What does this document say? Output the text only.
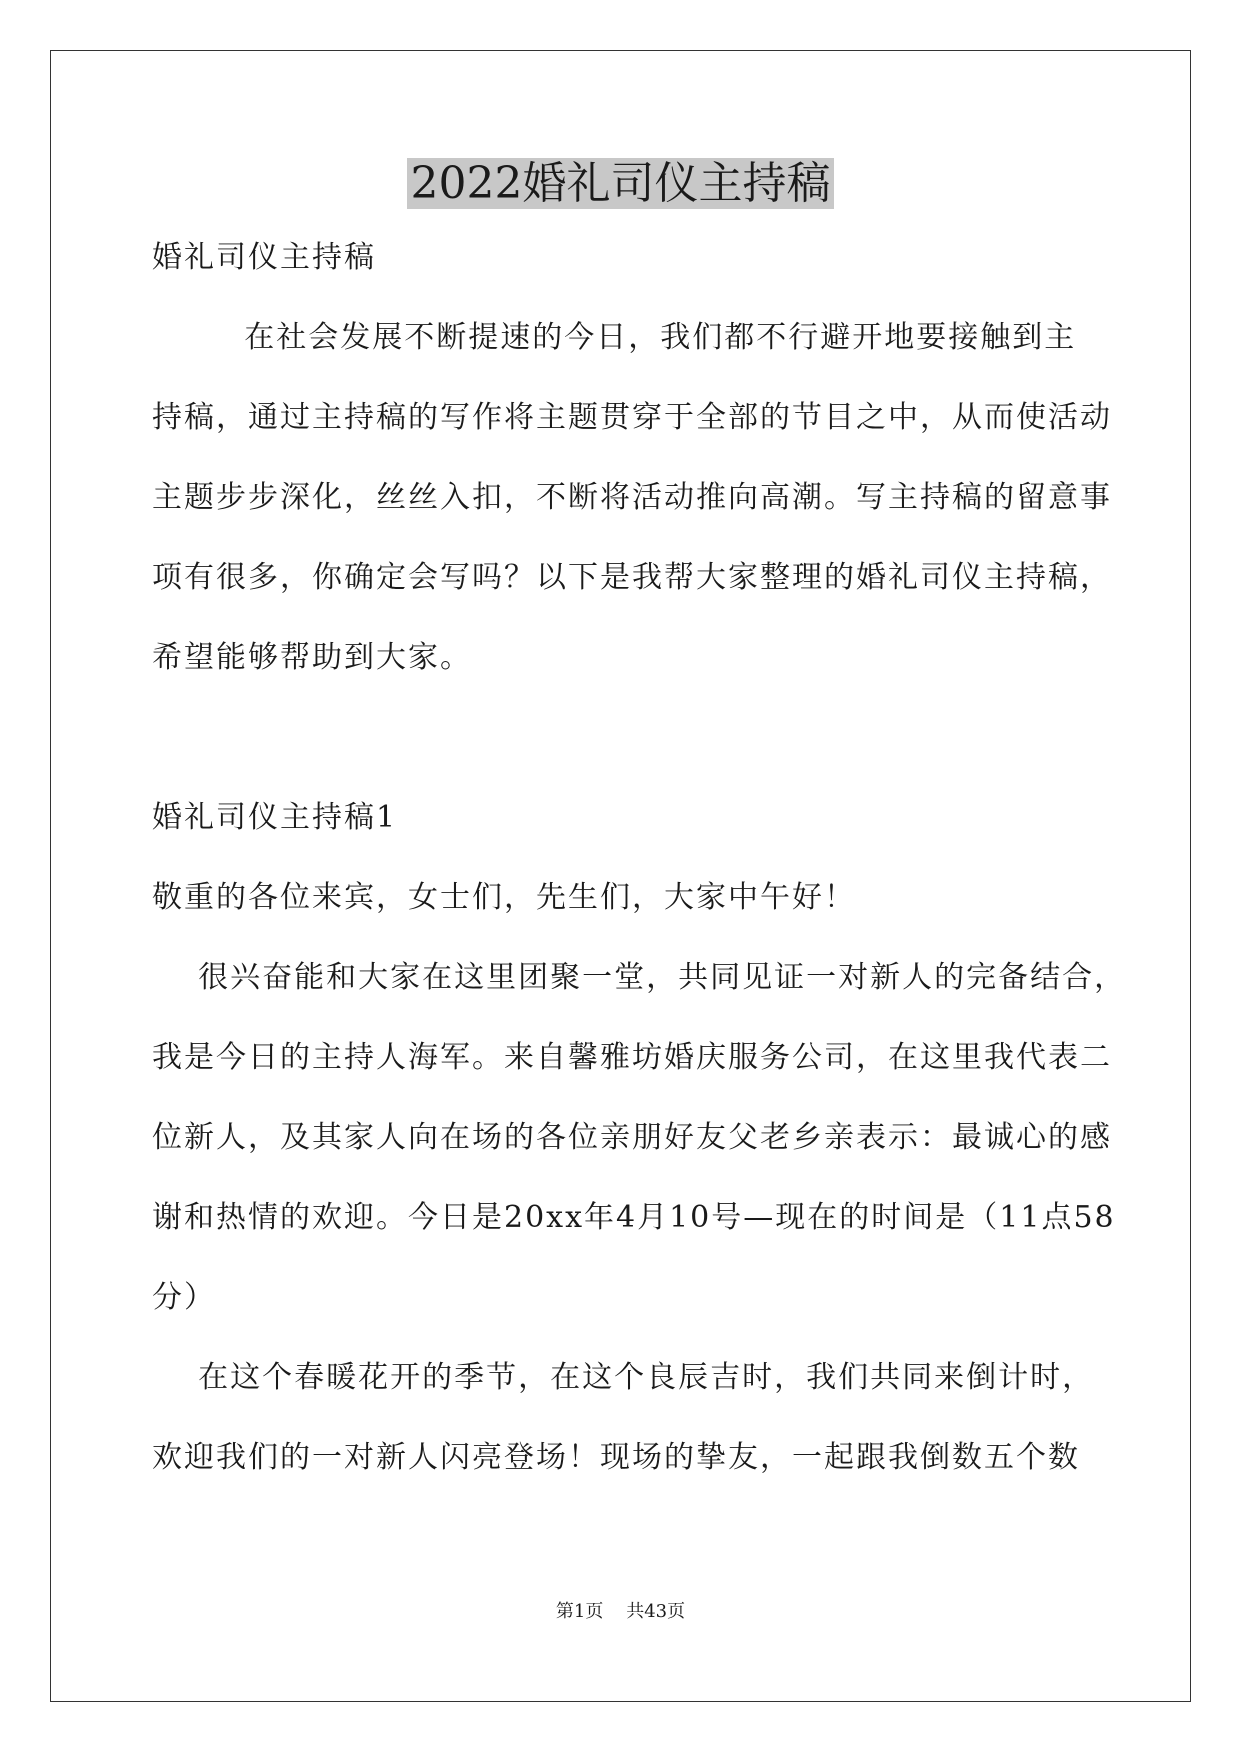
2022婚礼司仪主持稿
婚礼司仪主持稿
在社会发展不断提速的今日，我们都不行避开地要接触到主
持稿，通过主持稿的写作将主题贯穿于全部的节目之中，从而使活动
主题步步深化，丝丝入扣，不断将活动推向高潮。写主持稿的留意事
项有很多，你确定会写吗？以下是我帮大家整理的婚礼司仪主持稿，
希望能够帮助到大家。
婚礼司仪主持稿1
敬重的各位来宾，女士们，先生们，大家中午好！
很兴奋能和大家在这里团聚一堂，共同见证一对新人的完备结合，
我是今日的主持人海军。来自馨雅坊婚庆服务公司，在这里我代表二
位新人，及其家人向在场的各位亲朋好友父老乡亲表示：最诚心的感
谢和热情的欢迎。今日是20xx年4月10号—现在的时间是（11点58
分）
在这个春暖花开的季节，在这个良辰吉时，我们共同来倒计时，
欢迎我们的一对新人闪亮登场！现场的挚友，一起跟我倒数五个数
第1页    共43页
